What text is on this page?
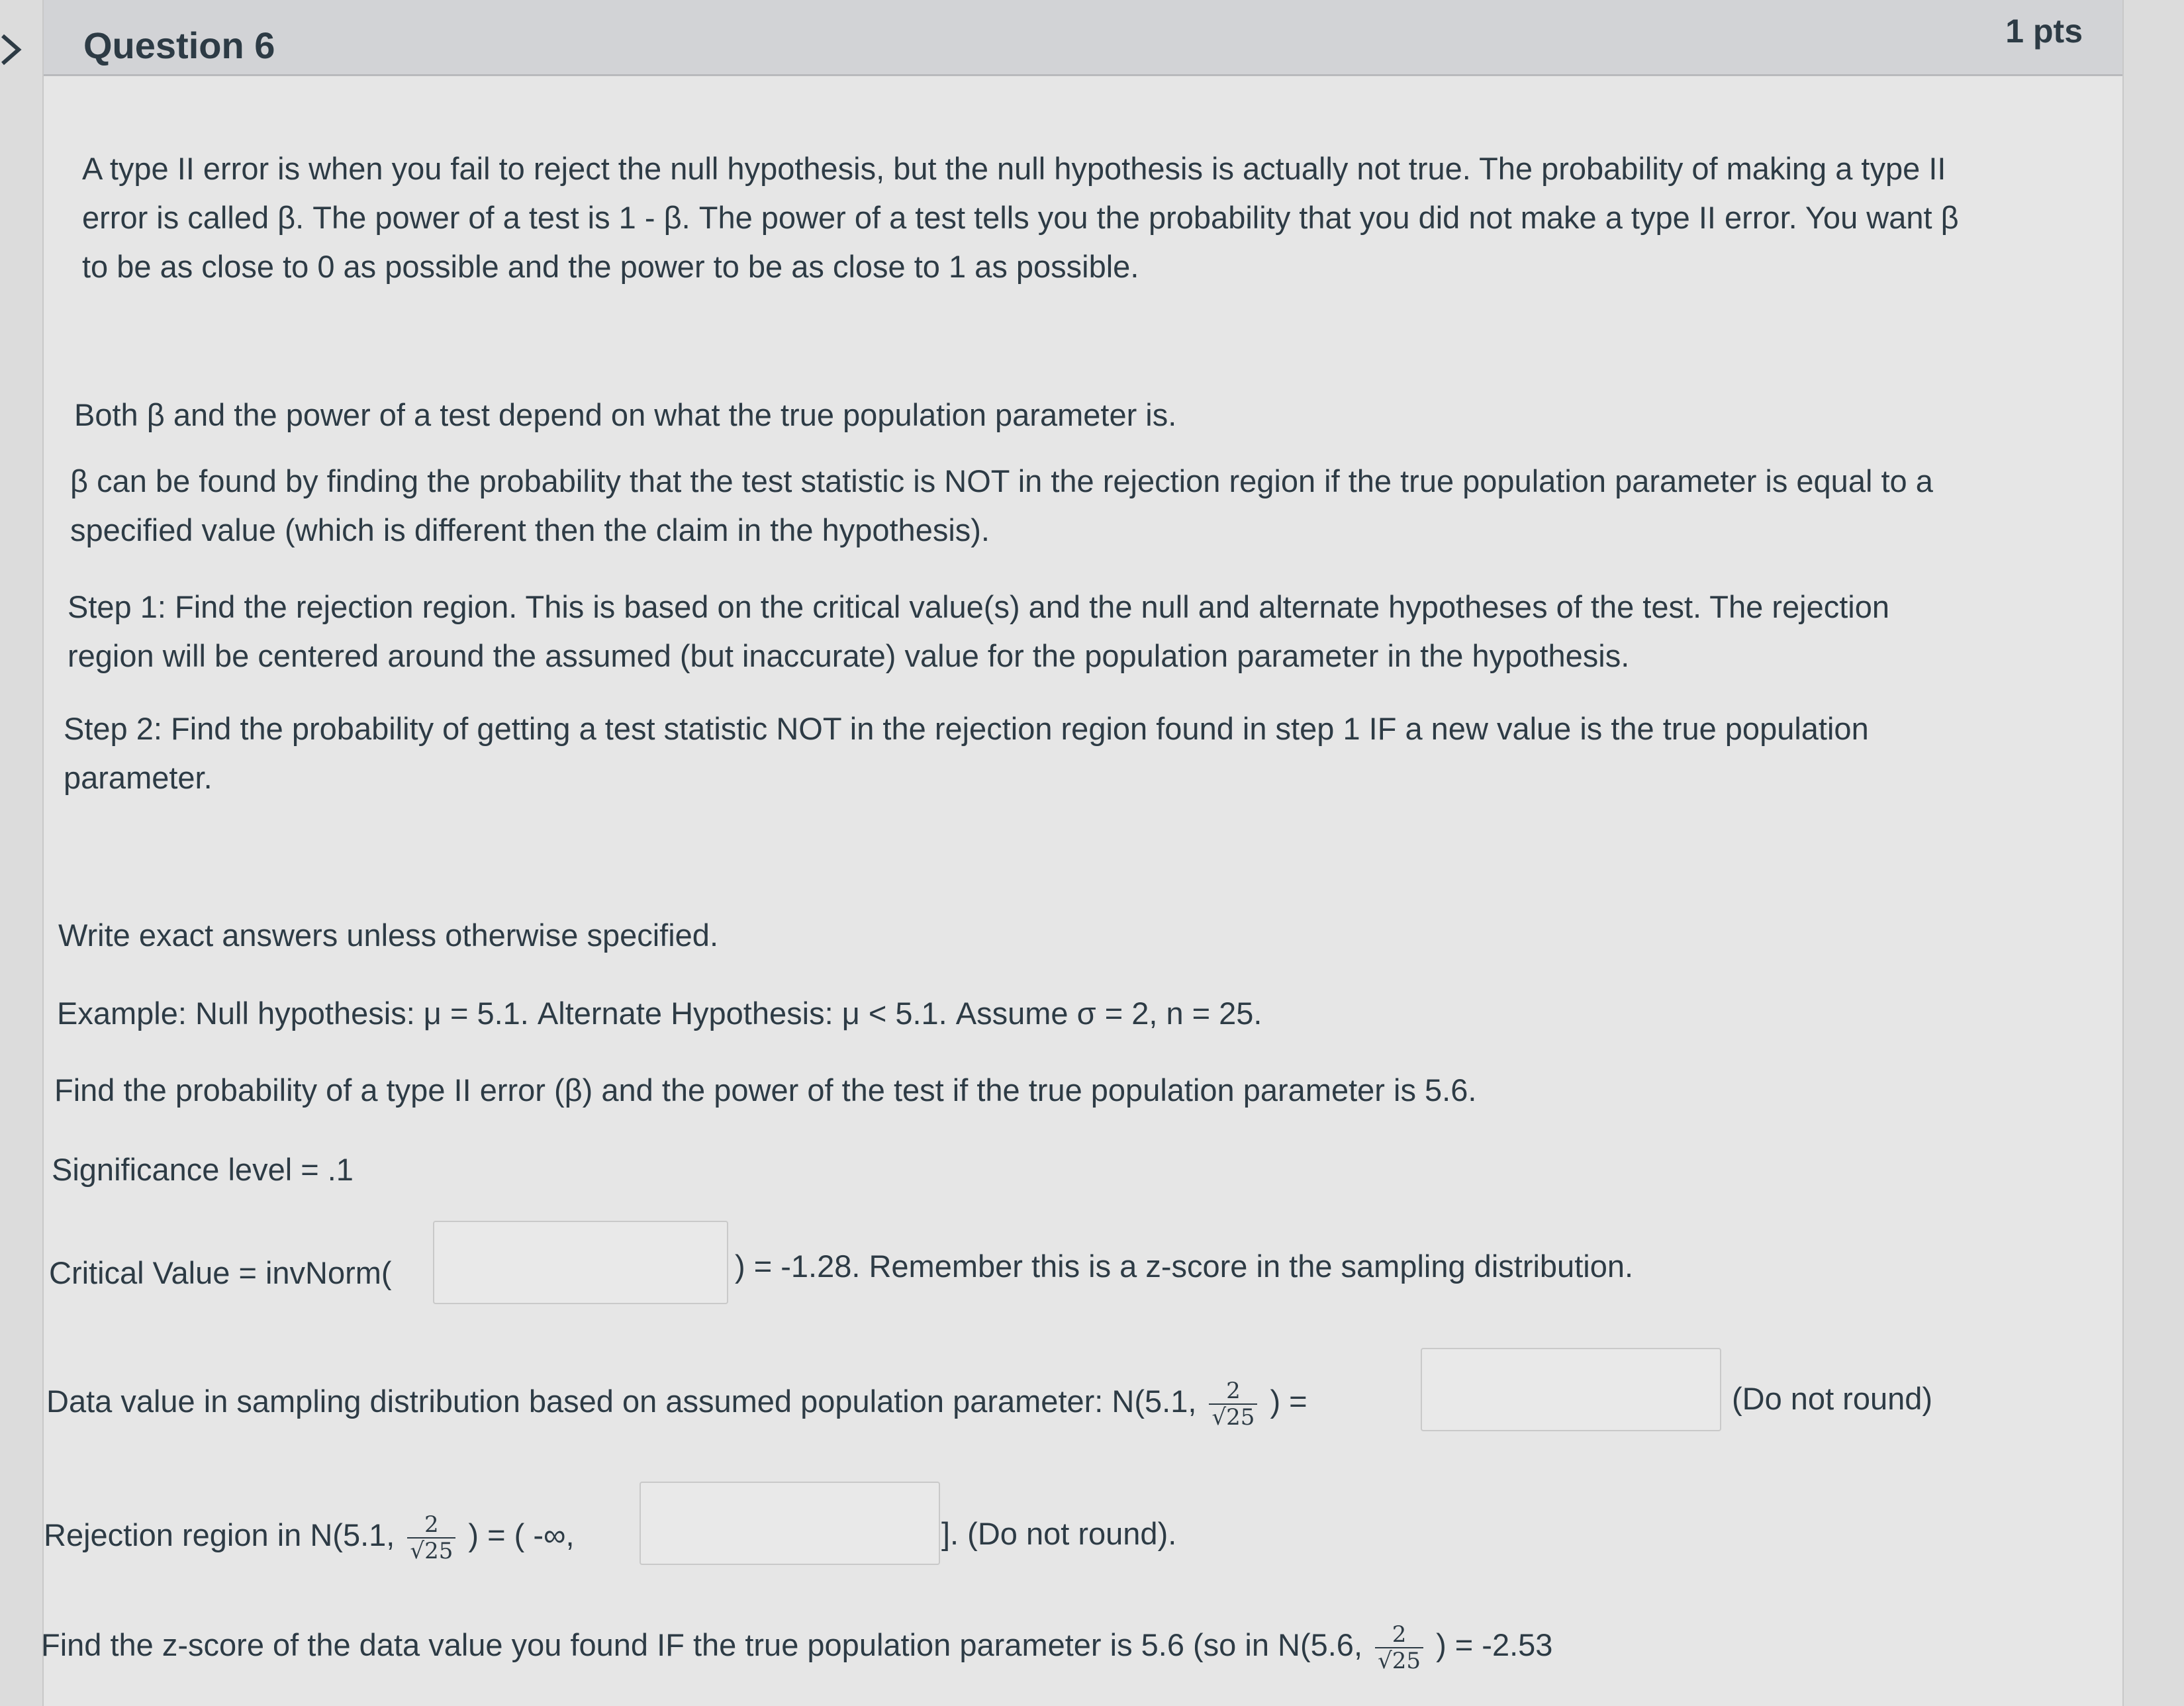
Question 6	1 pts
A type II error is when you fail to reject the null hypothesis, but the null hypothesis is actually not true. The probability of making a type II
error is called β. The power of a test is 1 - β. The power of a test tells you the probability that you did not make a type II error. You want β
to be as close to 0 as possible and the power to be as close to 1 as possible.
Both β and the power of a test depend on what the true population parameter is.
β can be found by finding the probability that the test statistic is NOT in the rejection region if the true population parameter is equal to a
specified value (which is different then the claim in the hypothesis).
Step 1: Find the rejection region. This is based on the critical value(s) and the null and alternate hypotheses of the test. The rejection
region will be centered around the assumed (but inaccurate) value for the population parameter in the hypothesis.
Step 2: Find the probability of getting a test statistic NOT in the rejection region found in step 1 IF a new value is the true population
parameter.
Write exact answers unless otherwise specified.
Example: Null hypothesis: μ = 5.1. Alternate Hypothesis: μ < 5.1. Assume σ = 2, n = 25.
Find the probability of a type II error (β) and the power of the test if the true population parameter is 5.6.
Significance level = .1
Critical Value = invNorm(	) = -1.28. Remember this is a z-score in the sampling distribution.
Data value in sampling distribution based on assumed population parameter: N(5.1, $\frac{2}{√25}$ ) =	(Do not round)
Rejection region in N(5.1, $\frac{2}{√25}$ ) = ( -∞,	]. (Do not round).
Find the z-score of the data value you found IF the true population parameter is 5.6 (so in N(5.6, $\frac{2}{√25}$ ) = -2.53
